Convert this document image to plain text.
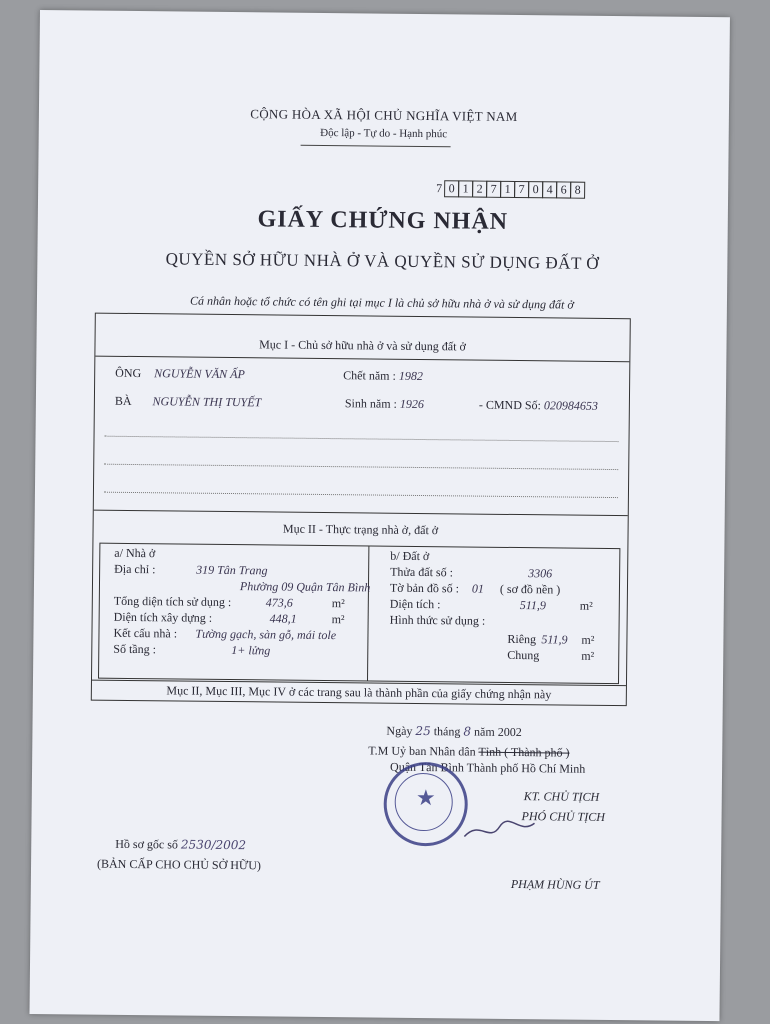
CỘNG HÒA XÃ HỘI CHỦ NGHĨA VIỆT NAM
Độc lập - Tự do - Hạnh phúc
7 0 1 2 7 1 7 0 4 6 8
GIẤY CHỨNG NHẬN
QUYỀN SỞ HỮU NHÀ Ở VÀ QUYỀN SỬ DỤNG ĐẤT Ở
Cá nhân hoặc tổ chức có tên ghi tại mục I là chủ sở hữu nhà ở và sử dụng đất ở
Mục I - Chủ sở hữu nhà ở và sử dụng đất ở
ÔNG NGUYỄN VĂN ẤP	Chết năm : 1982
BÀ NGUYỄN THỊ TUYẾT	Sinh năm : 1926	- CMND Số: 020984653
Mục II - Thực trạng nhà ở, đất ở
a/ Nhà ở
Địa chỉ :	319 Tân Trang
Phường 09 Quận Tân Bình
Tổng diện tích sử dụng :	473,6	m²
Diện tích xây dựng :	448,1	m²
Kết cấu nhà : Tường gạch, sàn gỗ, mái tole
Số tầng :	1+ lửng
b/ Đất ở
Thửa đất số :	3306
Tờ bản đồ số : 01 ( sơ đồ nền )
Diện tích :	511,9	m²
Hình thức sử dụng :
Riêng 511,9 m²
Chung	m²
Mục II, Mục III, Mục IV ở các trang sau là thành phần của giấy chứng nhận này
Ngày 25 tháng 8 năm 2002
T.M Uỷ ban Nhân dân Tỉnh ( Thành phố )
Quận Tân Bình Thành phố Hồ Chí Minh
KT. CHỦ TỊCH
PHÓ CHỦ TỊCH
★
PHẠM HÙNG ÚT
Hồ sơ gốc số 2530/2002
(BẢN CẤP CHO CHỦ SỞ HỮU)
